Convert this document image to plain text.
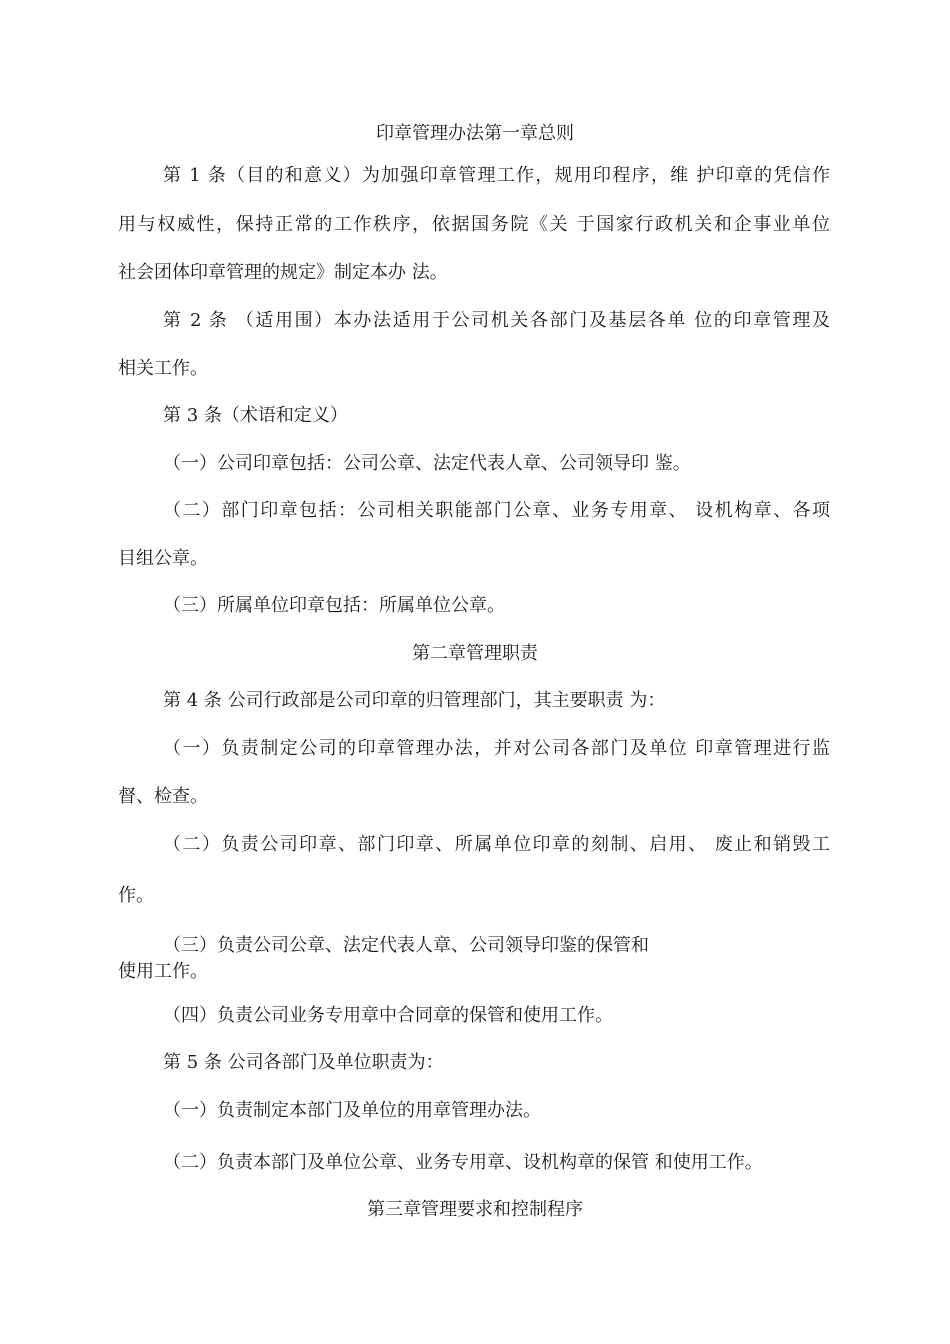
印章管理办法第一章总则
第 1 条（目的和意义）为加强印章管理工作，规用印程序，维 护印章的凭信作
用与权威性，保持正常的工作秩序，依据国务院《关 于国家行政机关和企事业单位
社会团体印章管理的规定》制定本办 法。
第 2 条 （适用围）本办法适用于公司机关各部门及基层各单 位的印章管理及
相关工作。
第 3 条（术语和定义）
（一）公司印章包括：公司公章、法定代表人章、公司领导印 鉴。
（二）部门印章包括：公司相关职能部门公章、业务专用章、 设机构章、各项
目组公章。
（三）所属单位印章包括：所属单位公章。
第二章管理职责
第 4 条 公司行政部是公司印章的归管理部门，其主要职责 为：
（一）负责制定公司的印章管理办法，并对公司各部门及单位 印章管理进行监
督、检查。
（二）负责公司印章、部门印章、所属单位印章的刻制、启用、 废止和销毁工
作。
（三）负责公司公章、法定代表人章、公司领导印鉴的保管和
使用工作。
（四）负责公司业务专用章中合同章的保管和使用工作。
第 5 条 公司各部门及单位职责为：
（一）负责制定本部门及单位的用章管理办法。
（二）负责本部门及单位公章、业务专用章、设机构章的保管 和使用工作。
第三章管理要求和控制程序
